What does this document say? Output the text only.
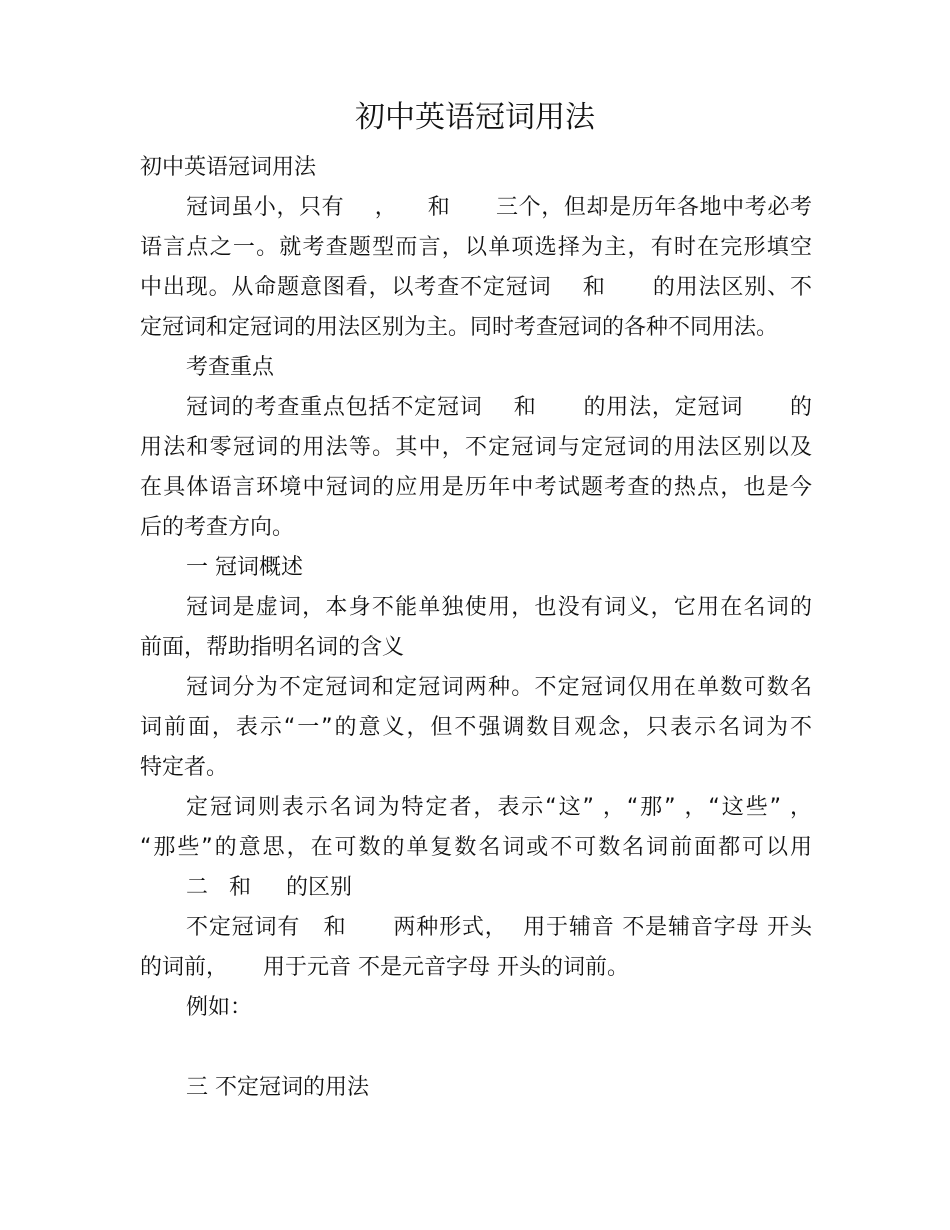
初中英语冠词用法
初中英语冠词用法
冠词虽小，只有    ，    和      三个，但却是历年各地中考必考
语言点之一。就考查题型而言，以单项选择为主，有时在完形填空
中出现。从命题意图看，以考查不定冠词    和      的用法区别、不
定冠词和定冠词的用法区别为主。同时考查冠词的各种不同用法。
考查重点
冠词的考查重点包括不定冠词    和      的用法，定冠词      的
用法和零冠词的用法等。其中，不定冠词与定冠词的用法区别以及
在具体语言环境中冠词的应用是历年中考试题考查的热点，也是今
后的考查方向。
一 冠词概述
冠词是虚词，本身不能单独使用，也没有词义，它用在名词的
前面，帮助指明名词的含义
冠词分为不定冠词和定冠词两种。不定冠词仅用在单数可数名
词前面，表示“一”的意义，但不强调数目观念，只表示名词为不
特定者。
定冠词则表示名词为特定者，表示“这” ，“那” ，“这些” ，
“那些”的意思，在可数的单复数名词或不可数名词前面都可以用
二   和     的区别
不定冠词有   和      两种形式，  用于辅音 不是辅音字母 开头
的词前，     用于元音 不是元音字母 开头的词前。
例如：
三 不定冠词的用法
